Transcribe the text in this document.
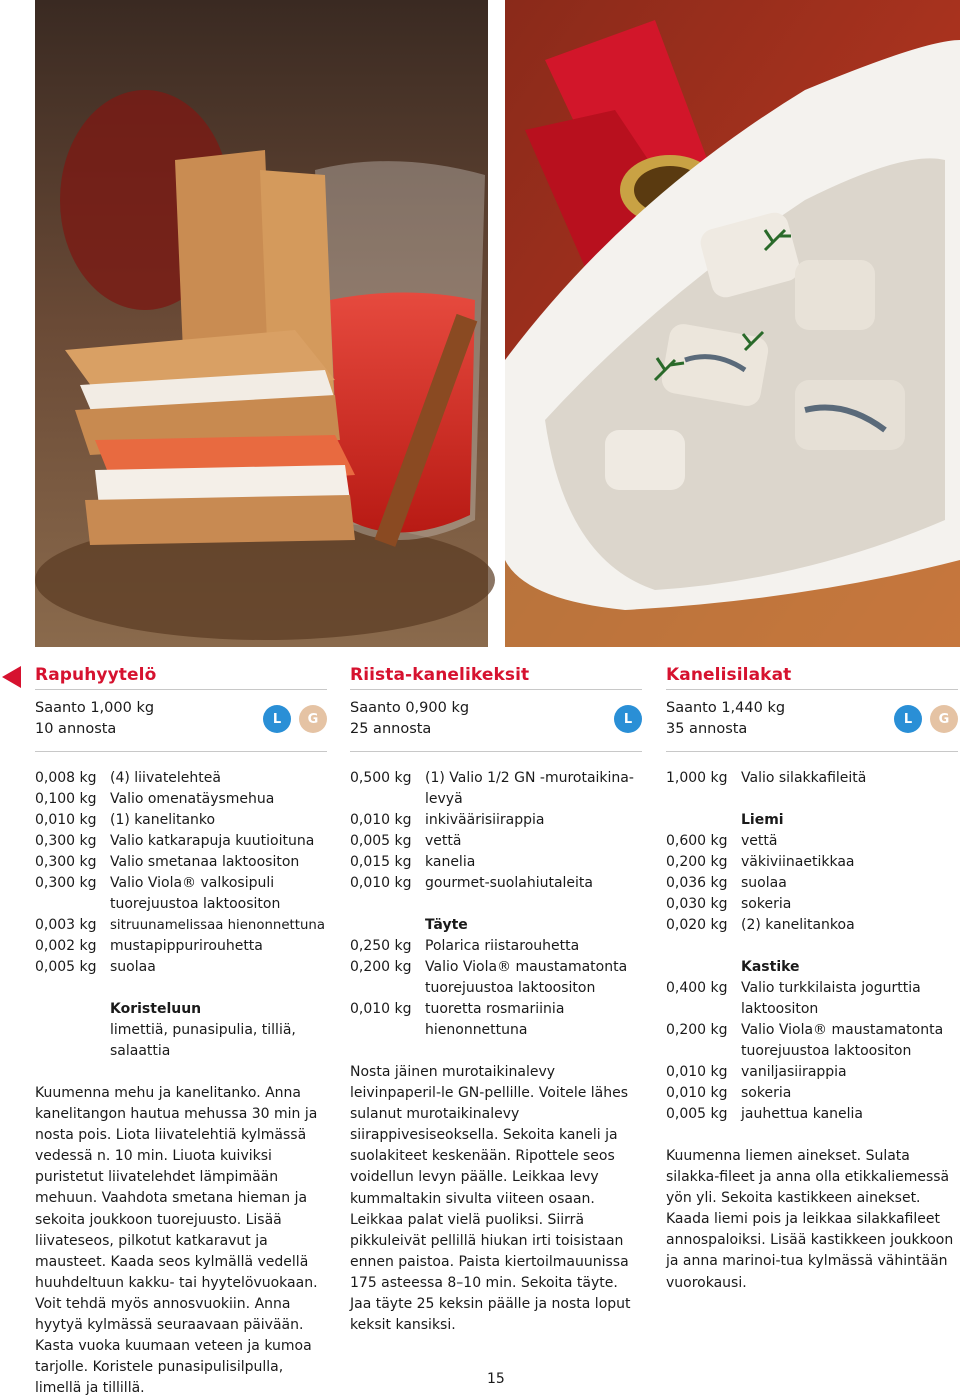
Rapuhyytelö
Saanto 1,000 kg
10 annosta
L	G
0,008 kg (4) liivatelehteä
0,100 kg Valio omenatäysmehua
0,010 kg (1) kanelitanko
0,300 kg Valio katkarapuja kuutioituna
0,300 kg Valio smetanaa laktoositon
0,300 kg Valio Viola® valkosipuli tuorejuustoa laktoositon
0,003 kg	sitruunamelissaa hienonnettuna
0,002 kg mustapippurirouhetta
0,005 kg suolaa
Koristeluun
limettiä, punasipulia, tilliä, salaattia
Kuumenna mehu ja kanelitanko. Anna kanelitangon hautua mehussa 30 min ja nosta pois. Liota liivatelehtiä kylmässä vedessä n. 10 min. Liuota kuiviksi puristetut liivatelehdet lämpimään mehuun. Vaahdota smetana hieman ja sekoita joukkoon tuorejuusto. Lisää liivateseos, pilkotut katkaravut ja mausteet. Kaada seos kylmällä vedellä huuhdeltuun kakku- tai hyytelövuokaan. Voit tehdä myös annosvuokiin. Anna hyytyä kylmässä seuraavaan päivään. Kasta vuoka kuumaan veteen ja kumoa tarjolle. Koristele punasipulisilpulla, limellä ja tillillä.
Riista-kanelikeksit
Saanto 0,900 kg
25 annosta
L
0,500 kg (1) Valio 1/2 GN -murotaikina-levyä
0,010 kg inkiväärisiirappia
0,005 kg vettä
0,015 kg kanelia
0,010 kg gourmet-suolahiutaleita
Täyte
0,250 kg Polarica riistarouhetta
0,200 kg Valio Viola® maustamatonta tuorejuustoa laktoositon
0,010 kg tuoretta rosmariinia hienonnettuna
Nosta jäinen murotaikinalevy leivinpaperil-le GN-pellille. Voitele lähes sulanut murotaikinalevy siirappivesiseoksella. Sekoita kaneli ja suolakiteet keskenään. Ripottele seos voidellun levyn päälle. Leikkaa levy kummaltakin sivulta viiteen osaan. Leikkaa palat vielä puoliksi. Siirrä pikkuleivät pellillä hiukan irti toisistaan ennen paistoa. Paista kiertoilmauunissa 175 asteessa 8–10 min. Sekoita täyte. Jaa täyte 25 keksin päälle ja nosta loput keksit kansiksi.
Kanelisilakat
Saanto 1,440 kg
35 annosta
L	G
1,000 kg Valio silakkafileitä
Liemi
0,600 kg vettä
0,200 kg väkiviinaetikkaa
0,036 kg suolaa
0,030 kg sokeria
0,020 kg (2) kanelitankoa
Kastike
0,400 kg Valio turkkilaista jogurttia laktoositon
0,200 kg Valio Viola® maustamatonta tuorejuustoa laktoositon
0,010 kg vaniljasiirappia
0,010 kg sokeria
0,005 kg jauhettua kanelia
Kuumenna liemen ainekset. Sulata silakka-fileet ja anna olla etikkaliemessä yön yli. Sekoita kastikkeen ainekset. Kaada liemi pois ja leikkaa silakkafileet annospaloiksi. Lisää kastikkeen joukkoon ja anna marinoi-tua kylmässä vähintään vuorokausi.
15
